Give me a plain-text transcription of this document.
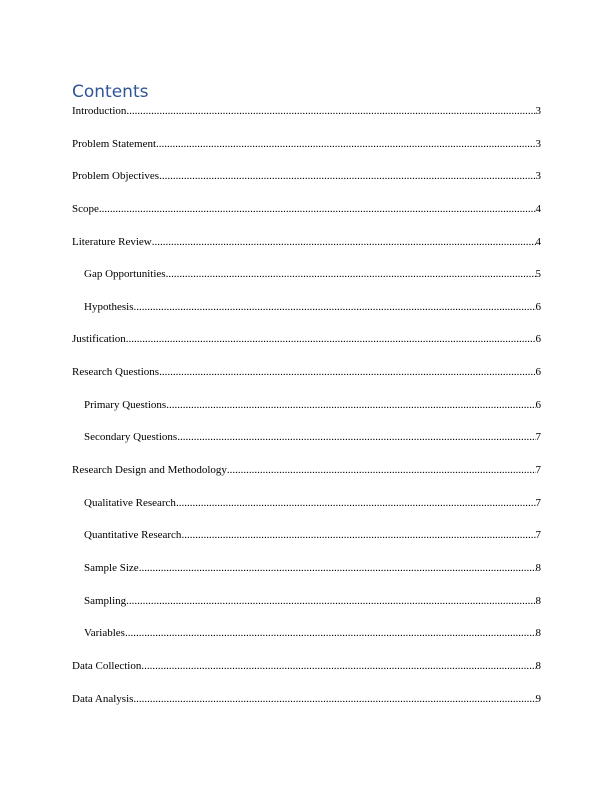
Contents
Introduction .....	3
Problem Statement .....	3
Problem Objectives .....	3
Scope .....	4
Literature Review .....	4
Gap Opportunities .....	5
Hypothesis .....	6
Justification .....	6
Research Questions .....	6
Primary Questions .....	6
Secondary Questions .....	7
Research Design and Methodology .....	7
Qualitative Research .....	7
Quantitative Research .....	7
Sample Size .....	8
Sampling .....	8
Variables .....	8
Data Collection .....	8
Data Analysis .....	9
